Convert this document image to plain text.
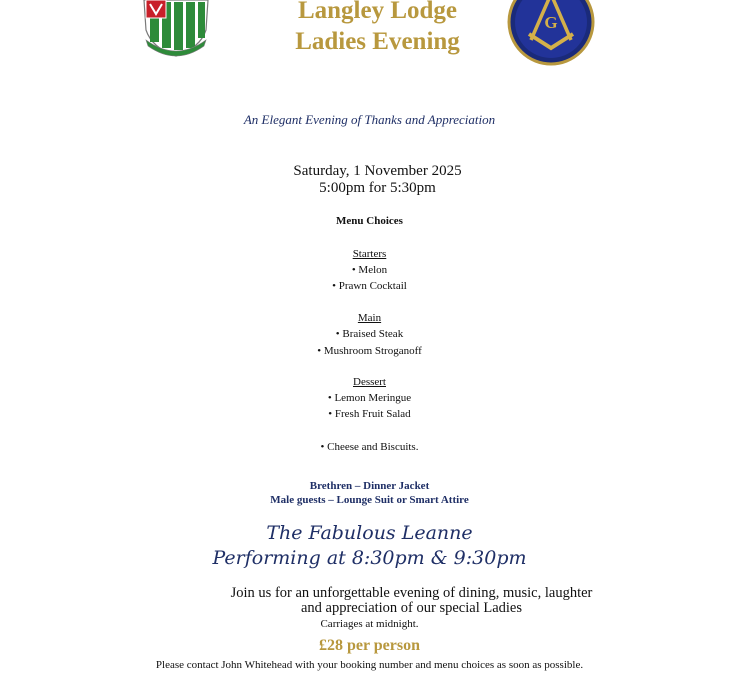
G
Langley Lodge
Ladies Evening
An Elegant Evening of Thanks and Appreciation
Saturday, 1 November 2025
5:00pm for 5:30pm
Menu Choices
Starters
• Melon
• Prawn Cocktail
Main
• Braised Steak
• Mushroom Stroganoff
Dessert
• Lemon Meringue
• Fresh Fruit Salad
• Cheese and Biscuits.
Brethren – Dinner Jacket
Male guests – Lounge Suit or Smart Attire
The Fabulous Leanne
Performing at 8:30pm & 9:30pm
Join us for an unforgettable evening of dining, music, laughter
and appreciation of our special Ladies
Carriages at midnight.
£28 per person
Please contact John Whitehead with your booking number and menu choices as soon as possible.
